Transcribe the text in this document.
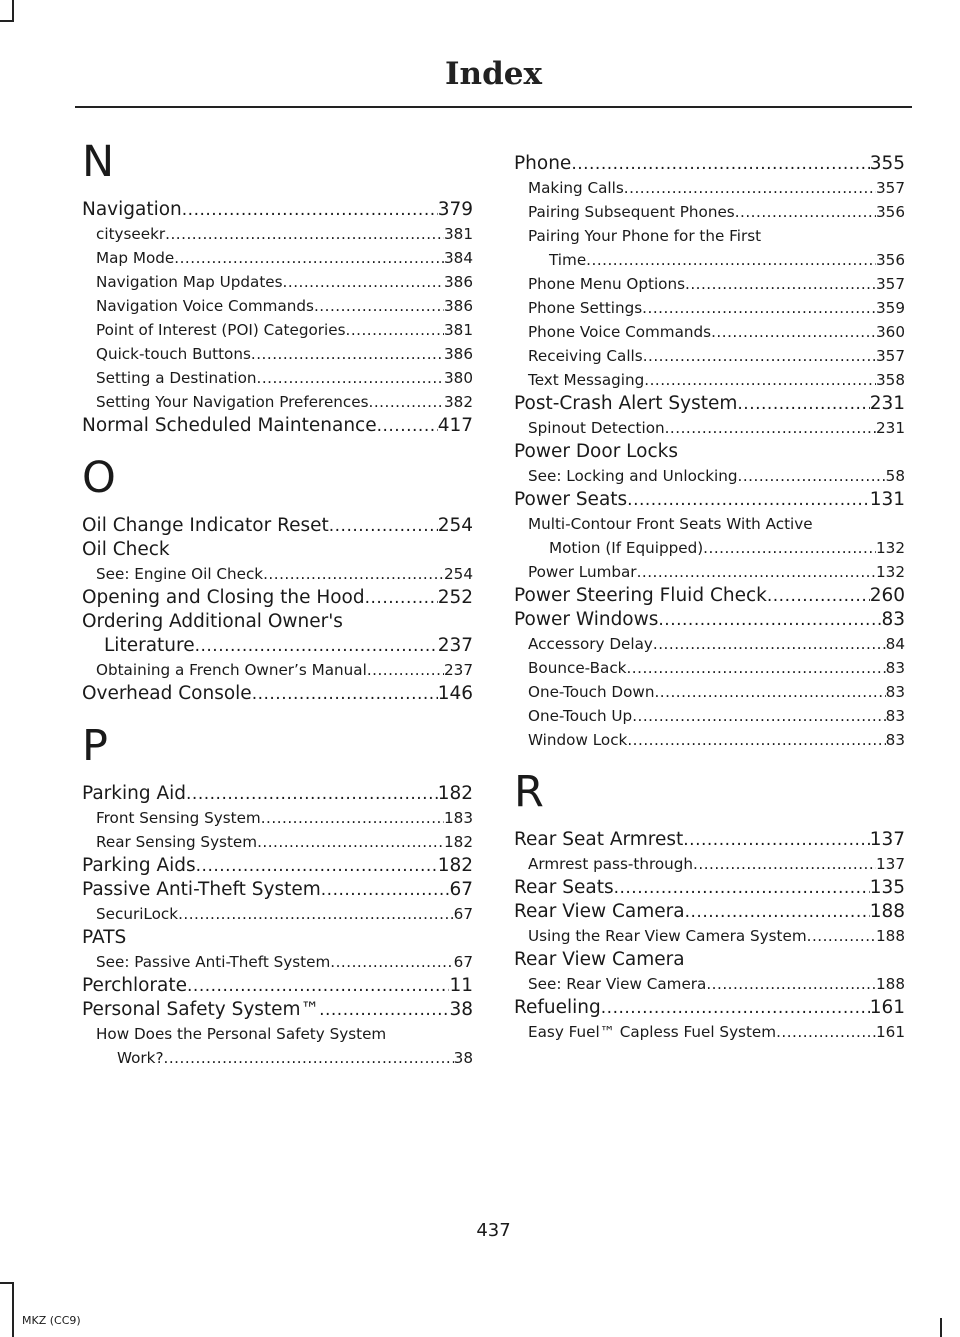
Index
N
Navigation .....	379
cityseekr .....	381
Map Mode .....	384
Navigation Map Updates .....	386
Navigation Voice Commands .....	386
Point of Interest (POI) Categories .....	381
Quick-touch Buttons .....	386
Setting a Destination .....	380
Setting Your Navigation Preferences .....	382
Normal Scheduled Maintenance .....	417
O
Oil Change Indicator Reset .....	254
Oil Check
See: Engine Oil Check .....	254
Opening and Closing the Hood .....	252
Ordering Additional Owner's
Literature .....	237
Obtaining a French Owner’s Manual .....	237
Overhead Console .....	146
P
Parking Aid .....	182
Front Sensing System .....	183
Rear Sensing System .....	182
Parking Aids .....	182
Passive Anti-Theft System .....	67
SecuriLock .....	67
PATS
See: Passive Anti-Theft System .....	67
Perchlorate .....	11
Personal Safety System™ .....	38
How Does the Personal Safety System
Work? .....	38
Phone .....	355
Making Calls .....	357
Pairing Subsequent Phones .....	356
Pairing Your Phone for the First
Time .....	356
Phone Menu Options .....	357
Phone Settings .....	359
Phone Voice Commands .....	360
Receiving Calls .....	357
Text Messaging .....	358
Post-Crash Alert System .....	231
Spinout Detection .....	231
Power Door Locks
See: Locking and Unlocking .....	58
Power Seats .....	131
Multi-Contour Front Seats With Active
Motion (If Equipped) .....	132
Power Lumbar .....	132
Power Steering Fluid Check .....	260
Power Windows .....	83
Accessory Delay .....	84
Bounce-Back .....	83
One-Touch Down .....	83
One-Touch Up .....	83
Window Lock .....	83
R
Rear Seat Armrest .....	137
Armrest pass-through .....	137
Rear Seats .....	135
Rear View Camera .....	188
Using the Rear View Camera System .....	188
Rear View Camera
See: Rear View Camera .....	188
Refueling .....	161
Easy Fuel™ Capless Fuel System .....	161
437
MKZ (CC9)
